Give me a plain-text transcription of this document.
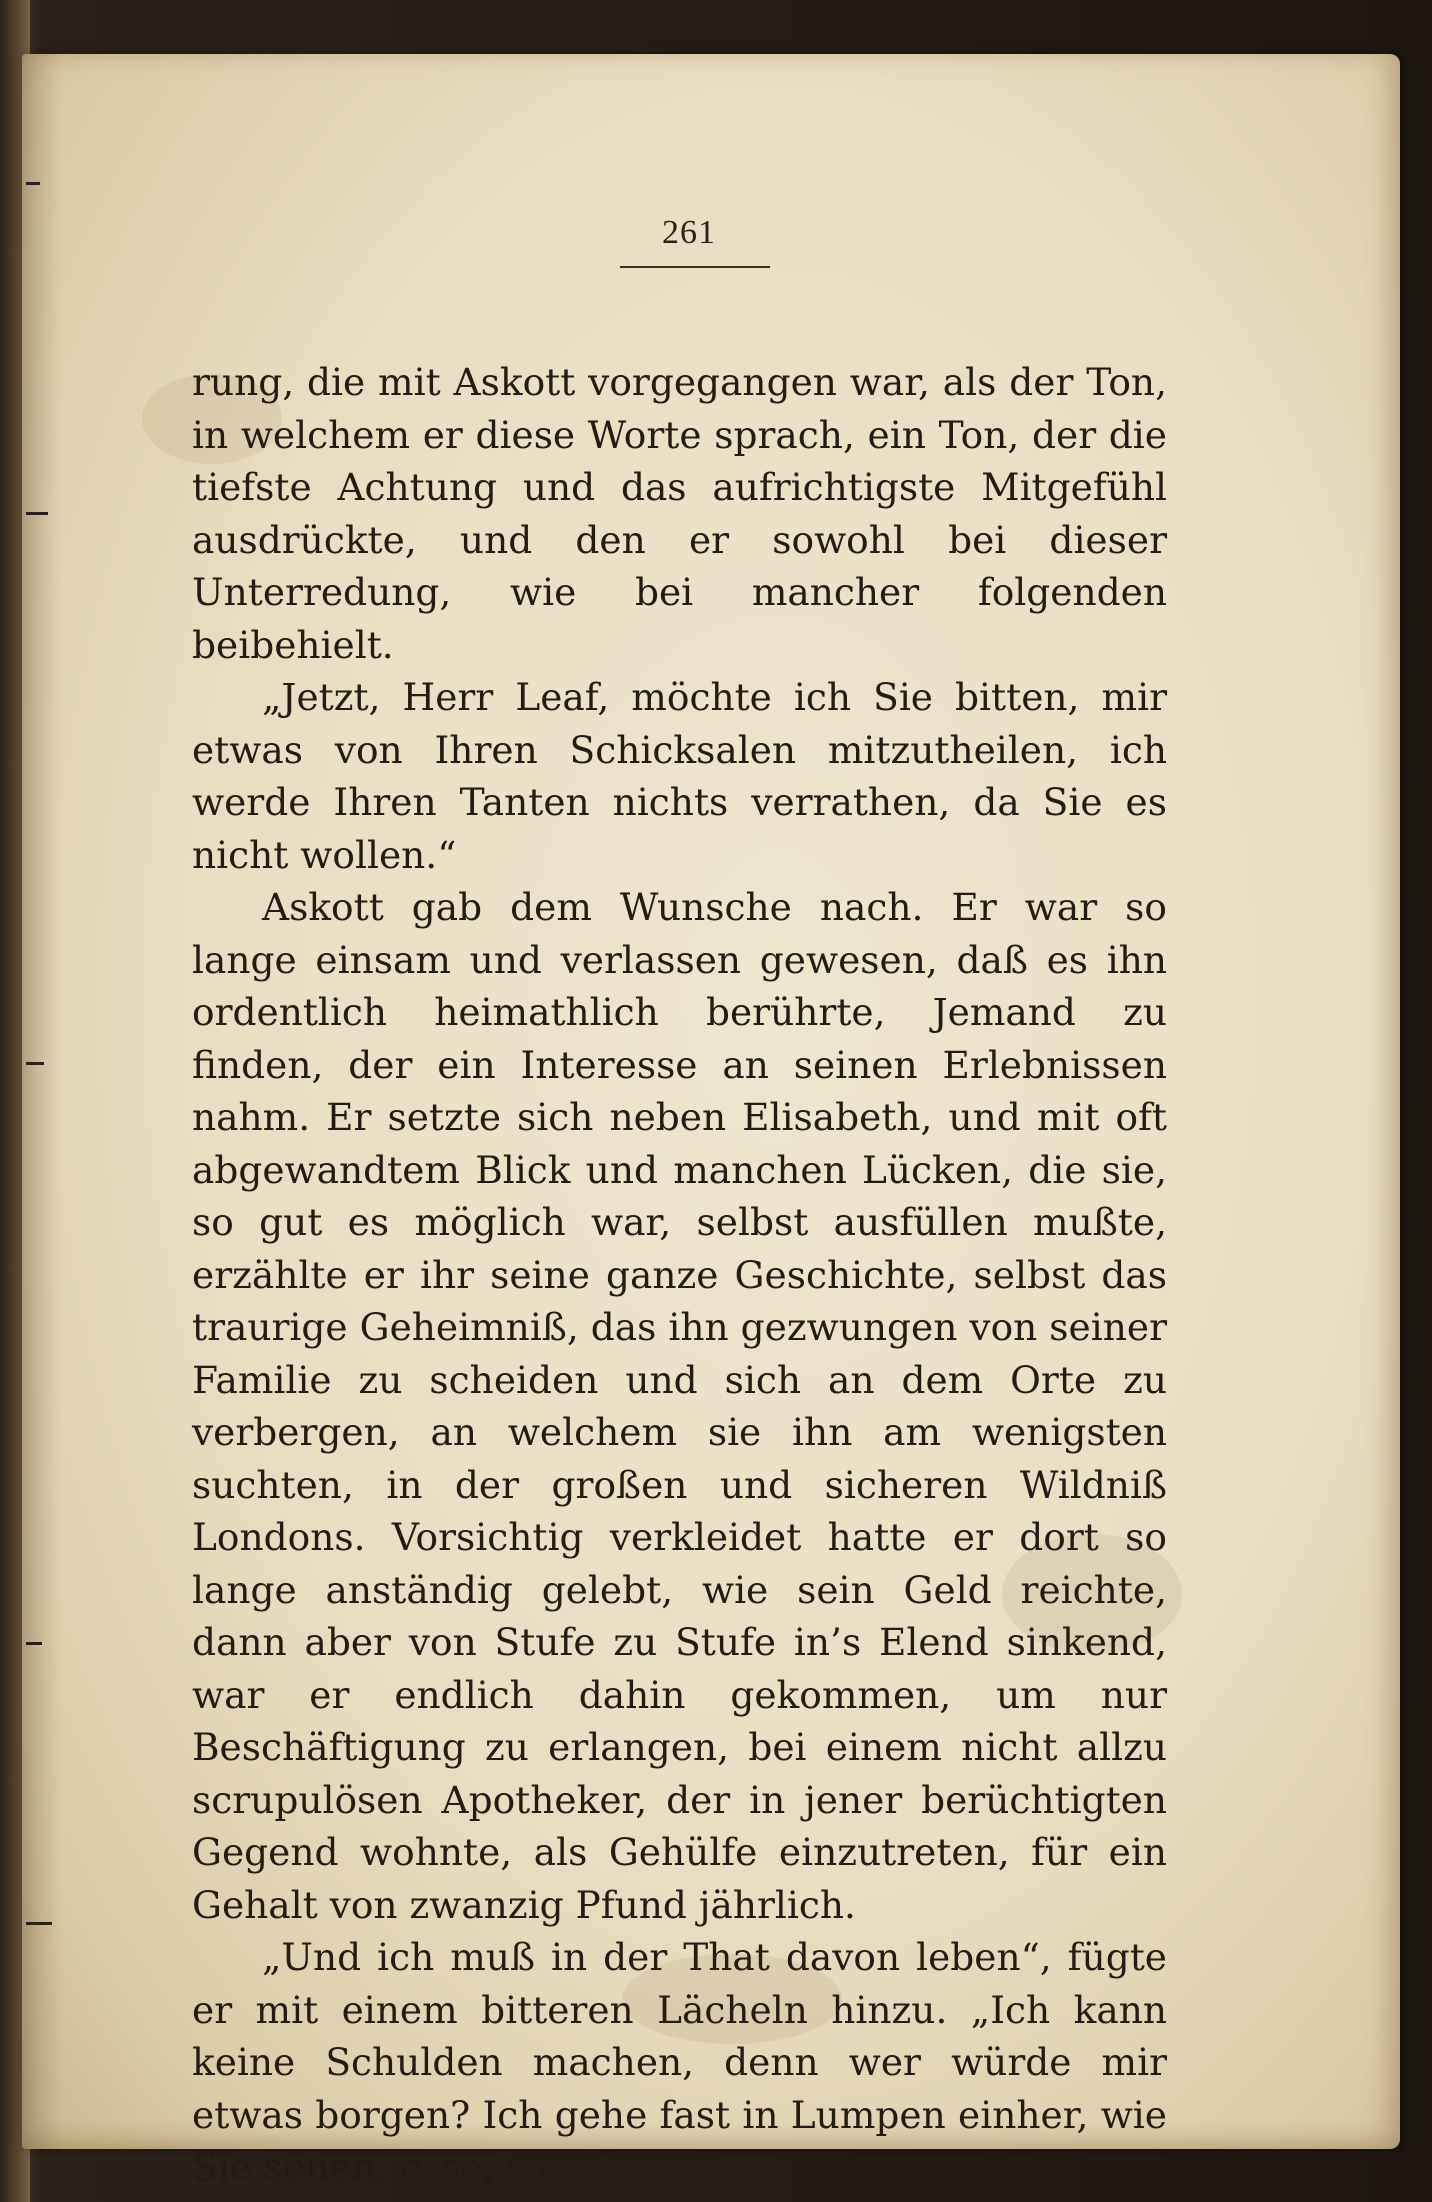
261

rung, die mit Askott vorgegangen war, als der Ton, in welchem er diese Worte sprach, ein Ton, der die tiefste Achtung und das aufrichtigste Mitgefühl ausdrückte, und den er sowohl bei dieser Unterredung, wie bei mancher folgenden beibehielt.

„Jetzt, Herr Leaf, möchte ich Sie bitten, mir etwas von Ihren Schicksalen mitzutheilen, ich werde Ihren Tanten nichts verrathen, da Sie es nicht wollen.“

Askott gab dem Wunsche nach. Er war so lange einsam und verlassen gewesen, daß es ihn ordentlich heimathlich berührte, Jemand zu finden, der ein Interesse an seinen Erlebnissen nahm. Er setzte sich neben Elisabeth, und mit oft abgewandtem Blick und manchen Lücken, die sie, so gut es möglich war, selbst ausfüllen mußte, erzählte er ihr seine ganze Geschichte, selbst das traurige Geheimniß, das ihn gezwungen von seiner Familie zu scheiden und sich an dem Orte zu verbergen, an welchem sie ihn am wenigsten suchten, in der großen und sicheren Wildniß Londons. Vorsichtig verkleidet hatte er dort so lange anständig gelebt, wie sein Geld reichte, dann aber von Stufe zu Stufe in’s Elend sinkend, war er endlich dahin gekommen, um nur Beschäftigung zu erlangen, bei einem nicht allzu scrupulösen Apotheker, der in jener berüchtigten Gegend wohnte, als Gehülfe einzutreten, für ein Gehalt von zwanzig Pfund jährlich.

„Und ich muß in der That davon leben“, fügte er mit einem bitteren Lächeln hinzu. „Ich kann keine Schulden machen, denn wer würde mir etwas borgen? Ich gehe fast in Lumpen einher, wie Sie sehen, esse, wo
